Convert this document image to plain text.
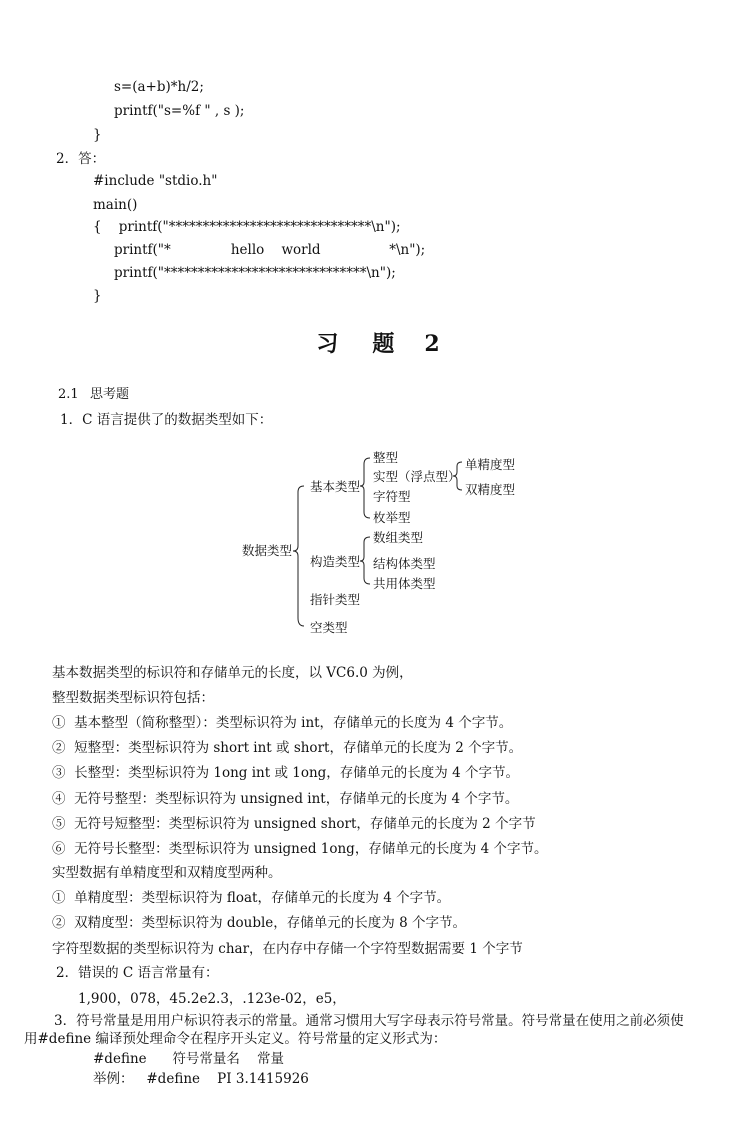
s=(a+b)*h/2;
printf("s=%f " , s );
}
2．答：
#include "stdio.h"
main()
{    printf("******************************\n");
printf("*              hello    world                *\n");
printf("******************************\n");
}
习 题 2
2.1 思考题
1．C 语言提供了的数据类型如下：
数据类型
基本类型
整型
实型（浮点型）
单精度型
双精度型
字符型
枚举型
构造类型
数组类型
结构体类型
共用体类型
指针类型
空类型
基本数据类型的标识符和存储单元的长度，以 VC6.0 为例，
整型数据类型标识符包括：
①  基本整型（简称整型）：类型标识符为 int，存储单元的长度为 4 个字节。
②  短整型：类型标识符为 short int 或 short，存储单元的长度为 2 个字节。
③  长整型：类型标识符为 1ong int 或 1ong，存储单元的长度为 4 个字节。
④  无符号整型：类型标识符为 unsigned int，存储单元的长度为 4 个字节。
⑤  无符号短整型：类型标识符为 unsigned short，存储单元的长度为 2 个字节
⑥  无符号长整型：类型标识符为 unsigned 1ong，存储单元的长度为 4 个字节。
实型数据有单精度型和双精度型两种。
①  单精度型：类型标识符为 float，存储单元的长度为 4 个字节。
②  双精度型：类型标识符为 double，存储单元的长度为 8 个字节。
字符型数据的类型标识符为 char，在内存中存储一个字符型数据需要 1 个字节
2．错误的 C 语言常量有：
1,900，078，45.2e2.3，.123e-02，e5，
3．符号常量是用用户标识符表示的常量。通常习惯用大写字母表示符号常量。符号常量在使用之前必须使
用#define 编译预处理命令在程序开头定义。符号常量的定义形式为：
#define      符号常量名    常量
举例：   #define    PI 3.1415926
